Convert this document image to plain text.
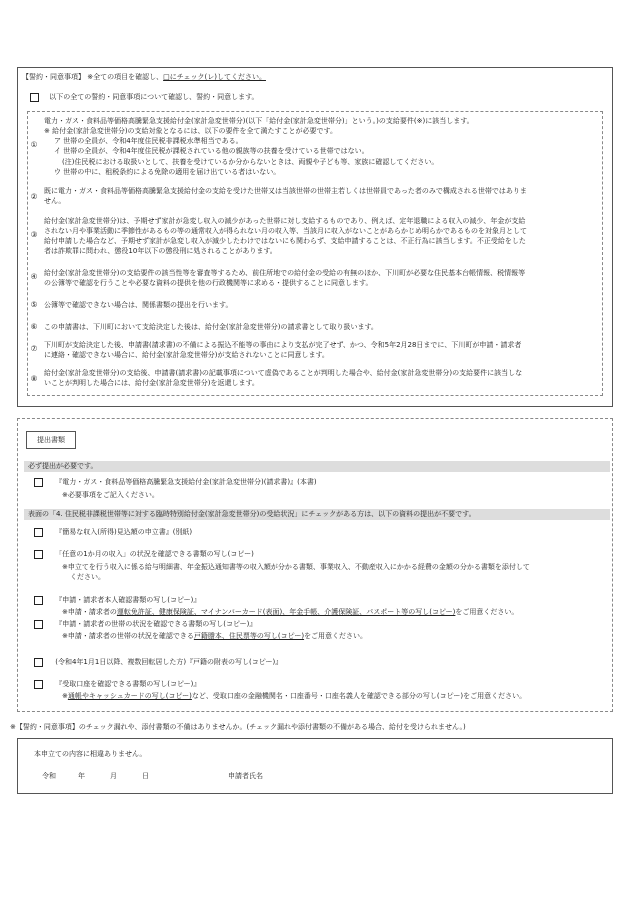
【誓約・同意事項】 ※全ての項目を確認し、□にチェック(レ)してください。
以下の全ての誓約・同意事項について確認し、誓約・同意します。
①
電力・ガス・食料品等価格高騰緊急支援給付金(家計急変世帯分)(以下「給付金(家計急変世帯分)」という。)の支給要件(※)に該当します。
※ 給付金(家計急変世帯分)の支給対象となるには、以下の要件を全て満たすことが必要です。
ア 世帯の全員が、令和4年度住民税非課税水準相当である。
イ 世帯の全員が、令和4年度住民税が課税されている他の親族等の扶養を受けている世帯ではない。
(注)住民税における取扱いとして、扶養を受けているか分からないときは、両親や子ども等、家族に確認してください。
ウ 世帯の中に、租税条約による免除の適用を届け出ている者はいない。
②
既に電力・ガス・食料品等価格高騰緊急支援給付金の支給を受けた世帯又は当該世帯の世帯主若しくは世帯員であった者のみで構成される世帯ではありま
せん。
③
給付金(家計急変世帯分)は、予期せず家計が急変し収入の減少があった世帯に対し支給するものであり、例えば、定年退職による収入の減少、年金が支給
されない月や事業活動に季節性があるもの等の通常収入が得られない月の収入等、当該月に収入がないことがあらかじめ明らかであるものを対象月として
給付申請した場合など、予期せず家計が急変し収入が減少したわけではないにも関わらず、支給申請することは、不正行為に該当します。不正受給をした
者は詐欺罪に問われ、懲役10年以下の懲役刑に処されることがあります。
④ 給付金(家計急変世帯分)の支給要件の該当性等を審査等するため、前住所地での給付金の受給の有無のほか、下川町が必要な住民基本台帳情報、税情報等
の公簿等で確認を行うことや必要な資料の提供を他の行政機関等に求める・提供することに同意します。
⑤ 公簿等で確認できない場合は、関係書類の提出を行います。
⑥ この申請書は、下川町において支給決定した後は、給付金(家計急変世帯分)の請求書として取り扱います。
⑦ 下川町が支給決定した後、申請書(請求書)の不備による振込不能等の事由により支払が完了せず、かつ、令和5年2月28日までに、下川町が申請・請求者
に連絡・確認できない場合に、給付金(家計急変世帯分)が支給されないことに同意します。
⑧
給付金(家計急変世帯分)の支給後、申請書(請求書)の記載事項について虚偽であることが判明した場合や、給付金(家計急変世帯分)の支給要件に該当しな
いことが判明した場合には、給付金(家計急変世帯分)を返還します。
提出書類
必ず提出が必要です。
『電力・ガス・食料品等価格高騰緊急支援給付金(家計急変世帯分)(請求書)』(本書)
※必要事項をご記入ください。
表面の「4. 住民税非課税世帯等に対する臨時特別給付金(家計急変世帯分)の受給状況」にチェックがある方は、以下の資料の提出が不要です。
『簡易な収入(所得)見込額の申立書』(別紙)
「任意の1か月の収入」の状況を確認できる書類の写し(コピー)
※申立てを行う収入に係る給与明細書、年金振込通知書等の収入額が分かる書類、事業収入、不動産収入にかかる経費の金額の分かる書類を添付して
ください。
『申請・請求者本人確認書類の写し(コピー)』
※申請・請求者の運転免許証、健康保険証、マイナンバーカード(表面)、年金手帳、介護保険証、パスポート等の写し(コピー)をご用意ください。
『申請・請求者の世帯の状況を確認できる書類の写し(コピー)』
※申請・請求者の世帯の状況を確認できる戸籍謄本、住民票等の写し(コピー)をご用意ください。
(令和4年1月1日以降、複数回転居した方)『戸籍の附表の写し(コピー)』
『受取口座を確認できる書類の写し(コピー)』
※通帳やキャッシュカードの写し(コピー)など、受取口座の金融機関名・口座番号・口座名義人を確認できる部分の写し(コピー)をご用意ください。
※【誓約・同意事項】のチェック漏れや、添付書類の不備はありませんか。(チェック漏れや添付書類の不備がある場合、給付を受けられません。)
本申立ての内容に相違ありません。
令和	年	月	日	申請者氏名
